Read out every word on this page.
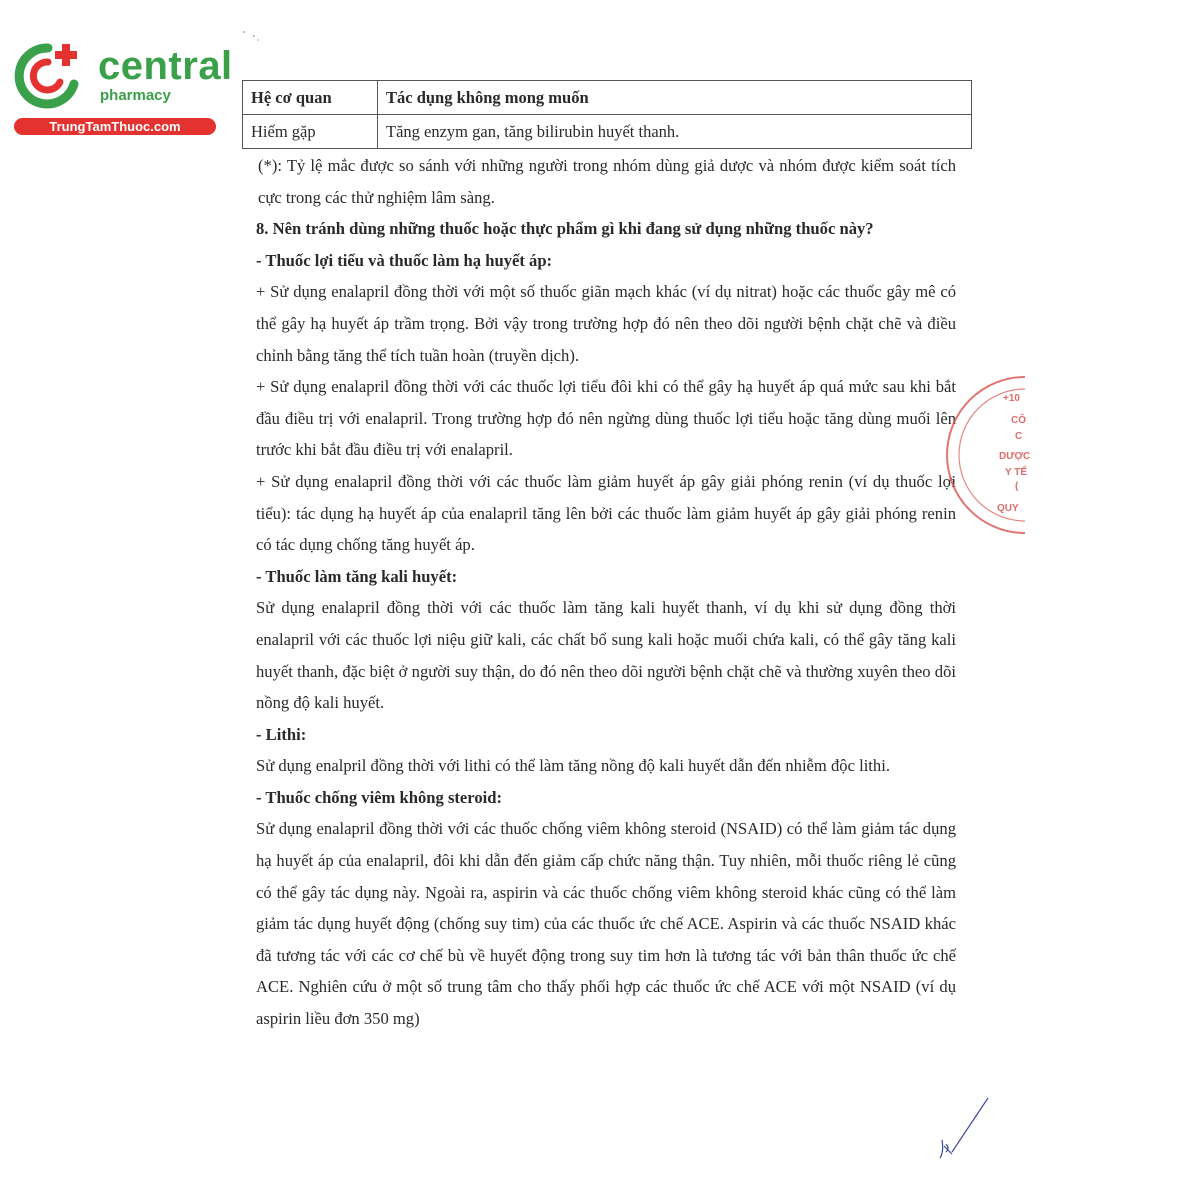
central
pharmacy
TrungTamThuoc.com
Hệ cơ quan	Tác dụng không mong muốn
Hiếm gặp	Tăng enzym gan, tăng bilirubin huyết thanh.

(*): Tỷ lệ mắc được so sánh với những người trong nhóm dùng giả dược và nhóm được kiểm soát tích cực trong các thử nghiệm lâm sàng.

8. Nên tránh dùng những thuốc hoặc thực phẩm gì khi đang sử dụng những thuốc này?

- Thuốc lợi tiểu và thuốc làm hạ huyết áp:

+ Sử dụng enalapril đồng thời với một số thuốc giãn mạch khác (ví dụ nitrat) hoặc các thuốc gây mê có thể gây hạ huyết áp trầm trọng. Bởi vậy trong trường hợp đó nên theo dõi người bệnh chặt chẽ và điều chỉnh bằng tăng thể tích tuần hoàn (truyền dịch).

+ Sử dụng enalapril đồng thời với các thuốc lợi tiểu đôi khi có thể gây hạ huyết áp quá mức sau khi bắt đầu điều trị với enalapril. Trong trường hợp đó nên ngừng dùng thuốc lợi tiểu hoặc tăng dùng muối lên trước khi bắt đầu điều trị với enalapril.

+ Sử dụng enalapril đồng thời với các thuốc làm giảm huyết áp gây giải phóng renin (ví dụ thuốc lợi tiểu): tác dụng hạ huyết áp của enalapril tăng lên bởi các thuốc làm giảm huyết áp gây giải phóng renin có tác dụng chống tăng huyết áp.

- Thuốc làm tăng kali huyết:

Sử dụng enalapril đồng thời với các thuốc làm tăng kali huyết thanh, ví dụ khi sử dụng đồng thời enalapril với các thuốc lợi niệu giữ kali, các chất bổ sung kali hoặc muối chứa kali, có thể gây tăng kali huyết thanh, đặc biệt ở người suy thận, do đó nên theo dõi người bệnh chặt chẽ và thường xuyên theo dõi nồng độ kali huyết.

- Lithi:

Sử dụng enalpril đồng thời với lithi có thể làm tăng nồng độ kali huyết dẫn đến nhiễm độc lithi.

- Thuốc chống viêm không steroid:

Sử dụng enalapril đồng thời với các thuốc chống viêm không steroid (NSAID) có thể làm giảm tác dụng hạ huyết áp của enalapril, đôi khi dẫn đến giảm cấp chức năng thận. Tuy nhiên, mỗi thuốc riêng lẻ cũng có thể gây tác dụng này. Ngoài ra, aspirin và các thuốc chống viêm không steroid khác cũng có thể làm giảm tác dụng huyết động (chống suy tim) của các thuốc ức chế ACE. Aspirin và các thuốc NSAID khác đã tương tác với các cơ chế bù về huyết động trong suy tim hơn là tương tác với bản thân thuốc ức chế ACE. Nghiên cứu ở một số trung tâm cho thấy phối hợp các thuốc ức chế ACE với một NSAID (ví dụ aspirin liều đơn 350 mg)

+10
CÔ
C
DƯỢC
Y TẾ
(
QUY
